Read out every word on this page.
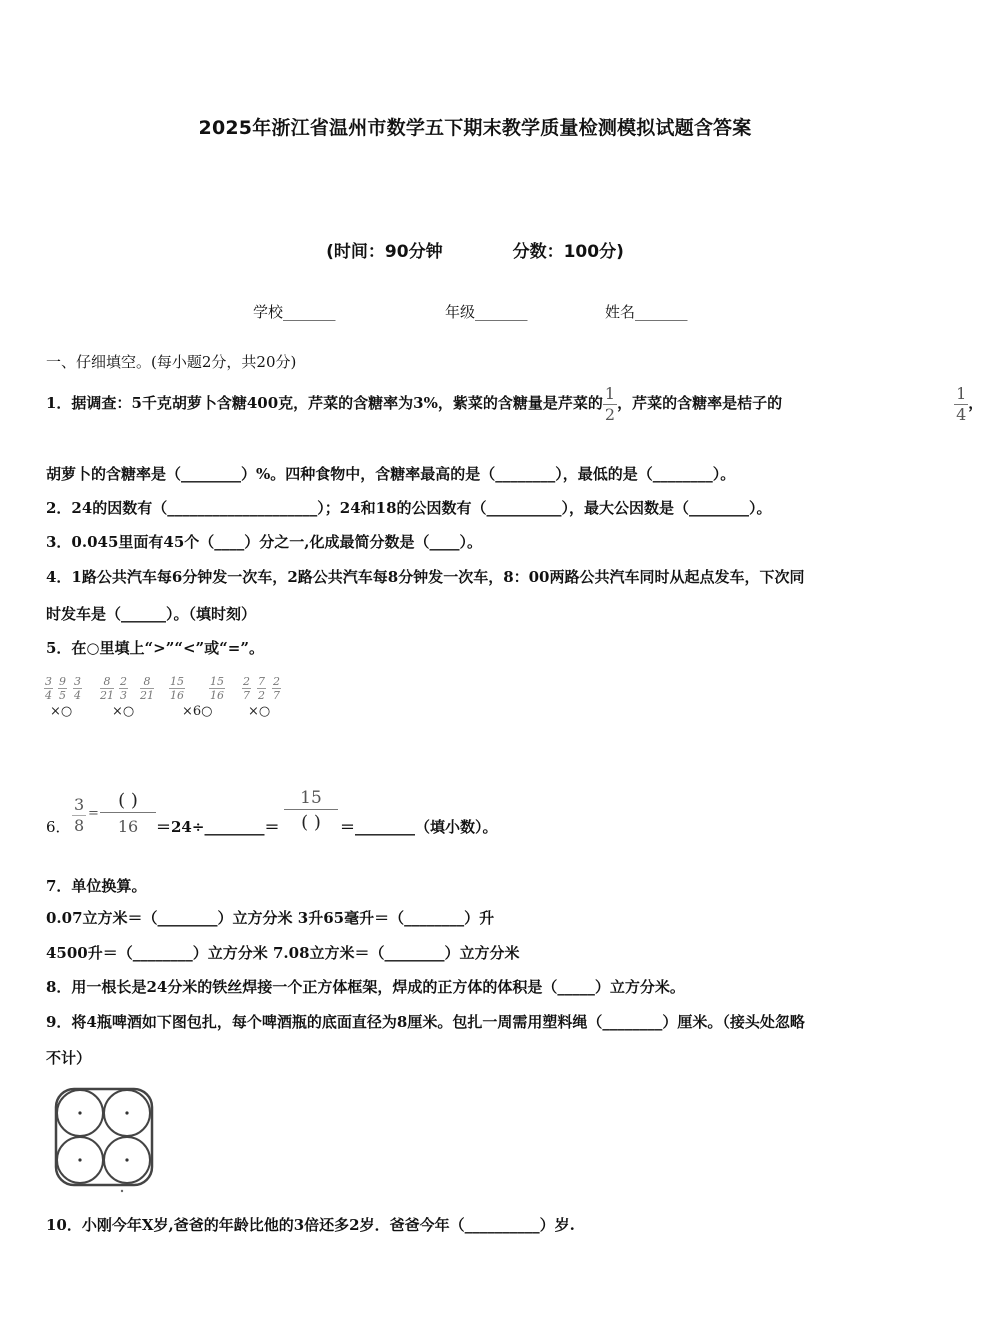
2025年浙江省温州市数学五下期末教学质量检测模拟试题含答案
(时间：90分钟	分数：100分)
学校_______	年级_______	姓名_______
一、仔细填空。(每小题2分，共20分)
1．据调查：5千克胡萝卜含糖400克，芹菜的含糖率为3%，紫菜的含糖量是芹菜的 $\frac{1}{2}$ ，芹菜的含糖率是桔子的	$\frac{1}{4}$ ，
胡萝卜的含糖率是（________）%。四种食物中，含糖率最高的是（________），最低的是（________）。
2．24的因数有（____________________）；24和18的公因数有（__________），最大公因数是（________）。
3．0.045里面有45个（____）分之一,化成最简分数是（____）。
4．1路公共汽车每6分钟发一次车，2路公共汽车每8分钟发一次车，8：00两路公共汽车同时从起点发车，下次同
时发车是（______）。（填时刻）
5．在○里填上“>”“<”或“=”。
3
4
9
5
3
4
×○
8
21
2
3
8
21
×○
15
16
15
16
×6○
2
7
7
2
2
7
×○
6． $\frac{3}{8}$ =
( )
16	＝24÷________＝
15
( )	＝________（填小数）。
7．单位换算。
0.07立方米＝（________）立方分米 3升65毫升＝（________）升
4500升＝（________）立方分米 7.08立方米＝（________）立方分米
8．用一根长是24分米的铁丝焊接一个正方体框架，焊成的正方体的体积是（_____）立方分米。
9．将4瓶啤酒如下图包扎，每个啤酒瓶的底面直径为8厘米。包扎一周需用塑料绳（________）厘米。（接头处忽略
不计）
10．小刚今年X岁,爸爸的年龄比他的3倍还多2岁．爸爸今年（__________）岁.
